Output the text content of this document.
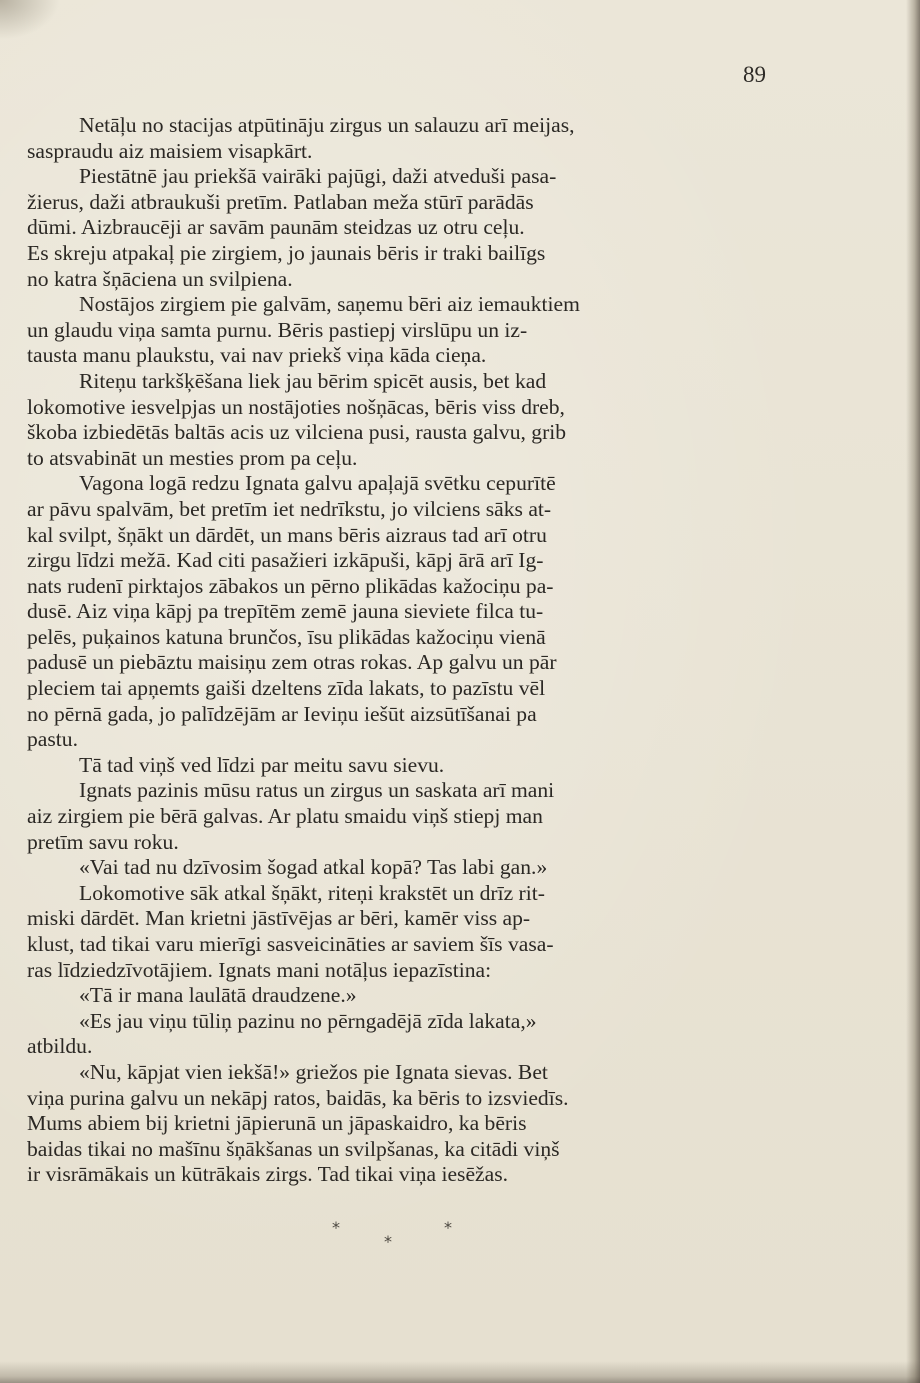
89

Netāļu no stacijas atpūtināju zirgus un salauzu arī meijas,
saspraudu aiz maisiem visapkārt.

Piestātnē jau priekšā vairāki pajūgi, daži atveduši pasa-
žierus, daži atbraukuši pretīm. Patlaban meža stūrī parādās
dūmi. Aizbraucēji ar savām paunām steidzas uz otru ceļu.
Es skreju atpakaļ pie zirgiem, jo jaunais bēris ir traki bailīgs
no katra šņāciena un svilpiena.

Nostājos zirgiem pie galvām, saņemu bēri aiz iemauktiem
un glaudu viņa samta purnu. Bēris pastiepj virslūpu un iz-
tausta manu plaukstu, vai nav priekš viņa kāda cieņa.

Riteņu tarkšķēšana liek jau bērim spicēt ausis, bet kad
lokomotive iesvelpjas un nostājoties nošņācas, bēris viss dreb,
škoba izbiedētās baltās acis uz vilciena pusi, rausta galvu, grib
to atsvabināt un mesties prom pa ceļu.

Vagona logā redzu Ignata galvu apaļajā svētku cepurītē
ar pāvu spalvām, bet pretīm iet nedrīkstu, jo vilciens sāks at-
kal svilpt, šņākt un dārdēt, un mans bēris aizraus tad arī otru
zirgu līdzi mežā. Kad citi pasažieri izkāpuši, kāpj ārā arī Ig-
nats rudenī pirktajos zābakos un pērno plikādas kažociņu pa-
dusē. Aiz viņa kāpj pa trepītēm zemē jauna sieviete filca tu-
pelēs, puķainos katuna brunčos, īsu plikādas kažociņu vienā
padusē un piebāztu maisiņu zem otras rokas. Ap galvu un pār
pleciem tai apņemts gaiši dzeltens zīda lakats, to pazīstu vēl
no pērnā gada, jo palīdzējām ar Ieviņu iešūt aizsūtīšanai pa
pastu.

Tā tad viņš ved līdzi par meitu savu sievu.

Ignats pazinis mūsu ratus un zirgus un saskata arī mani
aiz zirgiem pie bērā galvas. Ar platu smaidu viņš stiepj man
pretīm savu roku.

«Vai tad nu dzīvosim šogad atkal kopā? Tas labi gan.»

Lokomotive sāk atkal šņākt, riteņi krakstēt un drīz rit-
miski dārdēt. Man krietni jāstīvējas ar bēri, kamēr viss ap-
klust, tad tikai varu mierīgi sasveicināties ar saviem šīs vasa-
ras līdziedzīvotājiem. Ignats mani notāļus iepazīstina:

«Tā ir mana laulātā draudzene.»

«Es jau viņu tūliņ pazinu no pērngadējā zīda lakata,»
atbildu.

«Nu, kāpjat vien iekšā!» griežos pie Ignata sievas. Bet
viņa purina galvu un nekāpj ratos, baidās, ka bēris to izsviedīs.
Mums abiem bij krietni jāpierunā un jāpaskaidro, ka bēris
baidas tikai no mašīnu šņākšanas un svilpšanas, ka citādi viņš
ir visrāmākais un kūtrākais zirgs. Tad tikai viņa iesēžas.

*
*
*
